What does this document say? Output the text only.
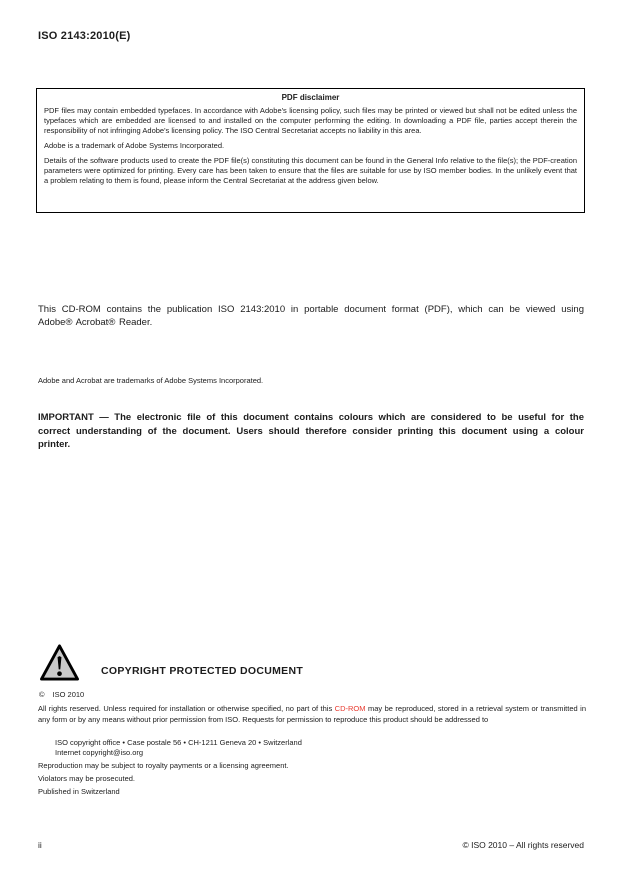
ISO 2143:2010(E)
PDF disclaimer

PDF files may contain embedded typefaces. In accordance with Adobe's licensing policy, such files may be printed or viewed but shall not be edited unless the typefaces which are embedded are licensed to and installed on the computer performing the editing. In downloading a PDF file, parties accept therein the responsibility of not infringing Adobe's licensing policy. The ISO Central Secretariat accepts no liability in this area.

Adobe is a trademark of Adobe Systems Incorporated.

Details of the software products used to create the PDF file(s) constituting this document can be found in the General Info relative to the file(s); the PDF-creation parameters were optimized for printing. Every care has been taken to ensure that the files are suitable for use by ISO member bodies. In the unlikely event that a problem relating to them is found, please inform the Central Secretariat at the address given below.

This CD-ROM contains the publication ISO 2143:2010 in portable document format (PDF), which can be viewed using Adobe® Acrobat® Reader.

Adobe and Acrobat are trademarks of Adobe Systems Incorporated.

IMPORTANT — The electronic file of this document contains colours which are considered to be useful for the correct understanding of the document. Users should therefore consider printing this document using a colour printer.

COPYRIGHT PROTECTED DOCUMENT
© ISO 2010

All rights reserved. Unless required for installation or otherwise specified, no part of this CD-ROM may be reproduced, stored in a retrieval system or transmitted in any form or by any means without prior permission from ISO. Requests for permission to reproduce this product should be addressed to

ISO copyright office • Case postale 56 • CH-1211 Geneva 20 • Switzerland
Internet copyright@iso.org
Reproduction may be subject to royalty payments or a licensing agreement.
Violators may be prosecuted.
Published in Switzerland
ii	© ISO 2010 – All rights reserved
